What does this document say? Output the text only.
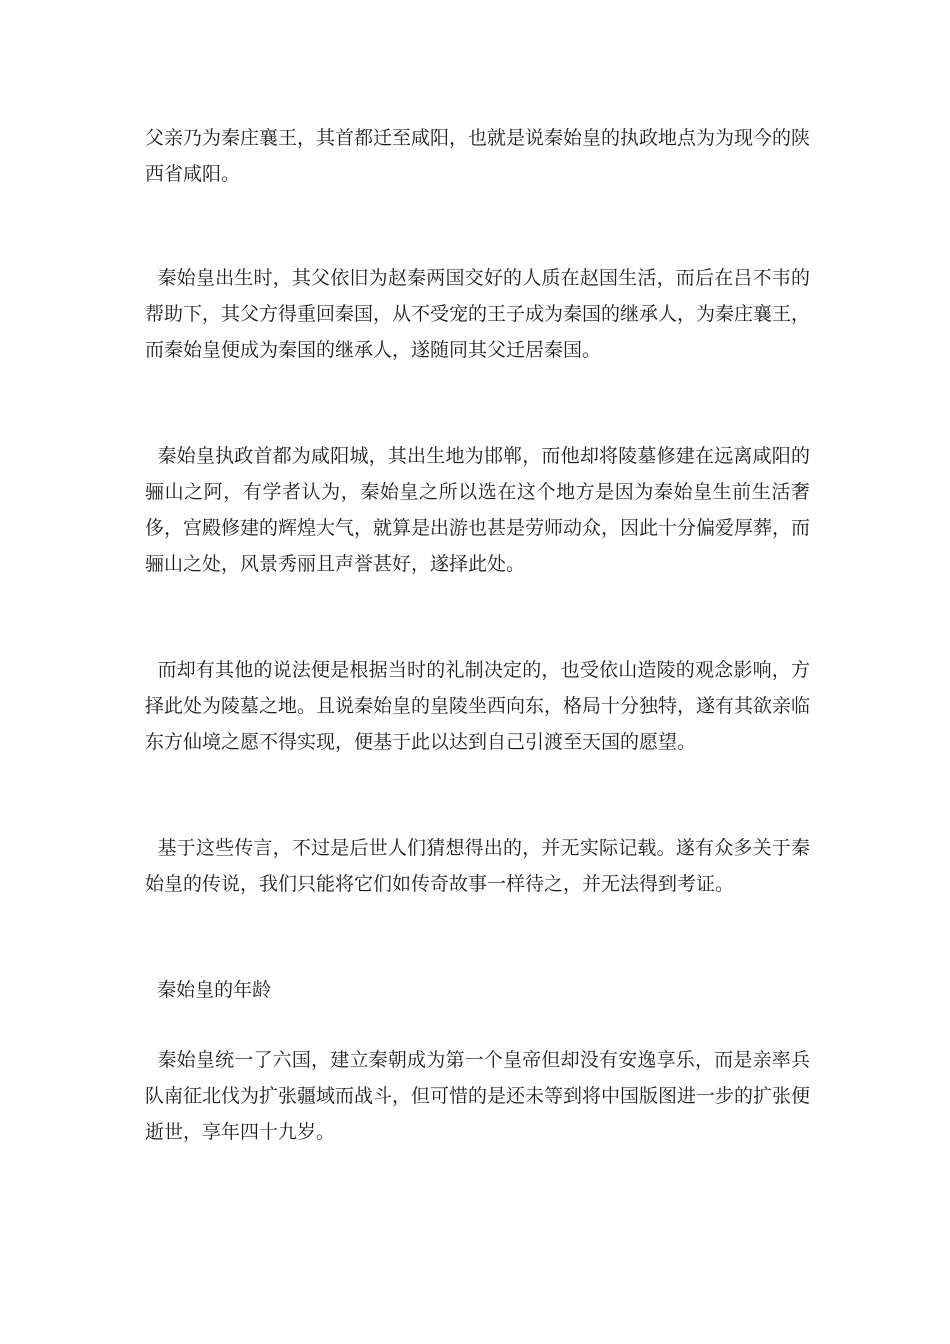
父亲乃为秦庄襄王，其首都迁至咸阳，也就是说秦始皇的执政地点为为现今的陕西省咸阳。

秦始皇出生时，其父依旧为赵秦两国交好的人质在赵国生活，而后在吕不韦的帮助下，其父方得重回秦国，从不受宠的王子成为秦国的继承人，为秦庄襄王，而秦始皇便成为秦国的继承人，遂随同其父迁居秦国。

秦始皇执政首都为咸阳城，其出生地为邯郸，而他却将陵墓修建在远离咸阳的骊山之阿，有学者认为，秦始皇之所以选在这个地方是因为秦始皇生前生活奢侈，宫殿修建的辉煌大气，就算是出游也甚是劳师动众，因此十分偏爱厚葬，而骊山之处，风景秀丽且声誉甚好，遂择此处。

而却有其他的说法便是根据当时的礼制决定的，也受依山造陵的观念影响，方择此处为陵墓之地。且说秦始皇的皇陵坐西向东，格局十分独特，遂有其欲亲临东方仙境之愿不得实现，便基于此以达到自己引渡至天国的愿望。

基于这些传言，不过是后世人们猜想得出的，并无实际记载。遂有众多关于秦始皇的传说，我们只能将它们如传奇故事一样待之，并无法得到考证。

秦始皇的年龄

秦始皇统一了六国，建立秦朝成为第一个皇帝但却没有安逸享乐，而是亲率兵队南征北伐为扩张疆域而战斗，但可惜的是还未等到将中国版图进一步的扩张便逝世，享年四十九岁。
